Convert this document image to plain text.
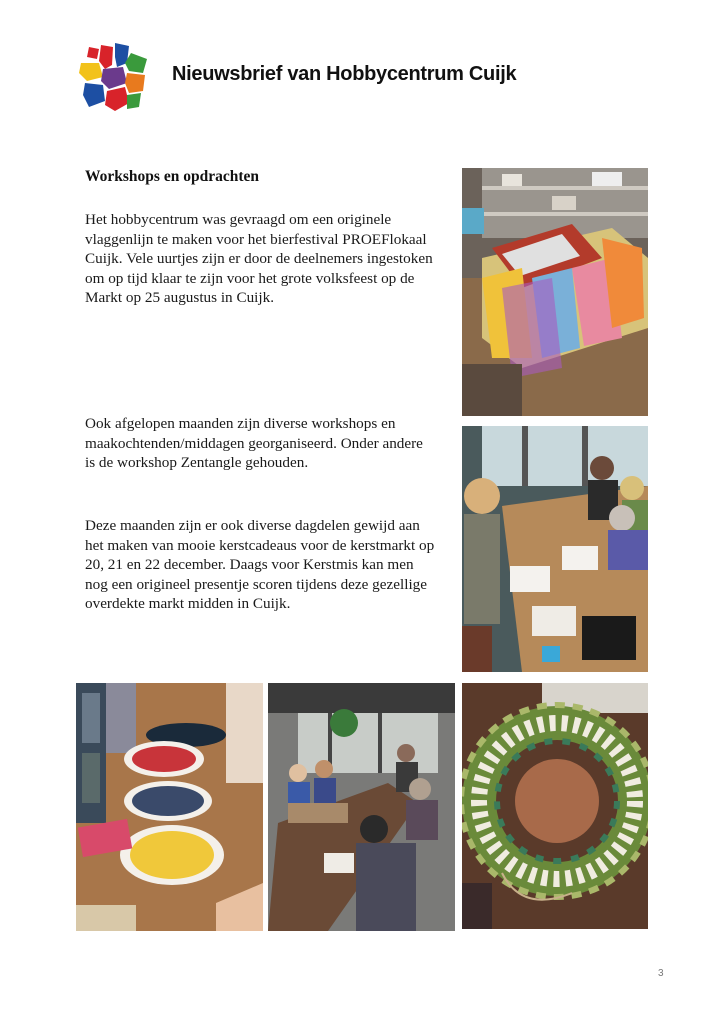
Nieuwsbrief van Hobbycentrum Cuijk
Workshops en opdrachten
Het hobbycentrum was gevraagd om een originele vlaggenlijn te maken voor het bierfestival PROEFlokaal Cuijk. Vele uurtjes zijn er door de deelnemers ingestoken om op tijd klaar te zijn voor het grote volksfeest op de Markt op 25 augustus in Cuijk.
Ook afgelopen maanden zijn diverse workshops en maakochtenden/middagen georganiseerd. Onder andere is de workshop Zentangle gehouden.
Deze maanden zijn er ook diverse dagdelen gewijd aan het maken van mooie kerstcadeaus voor de kerstmarkt op 20, 21 en 22 december. Daags voor Kerstmis kan men nog een origineel presentje scoren tijdens deze gezellige overdekte markt midden in Cuijk.
3
